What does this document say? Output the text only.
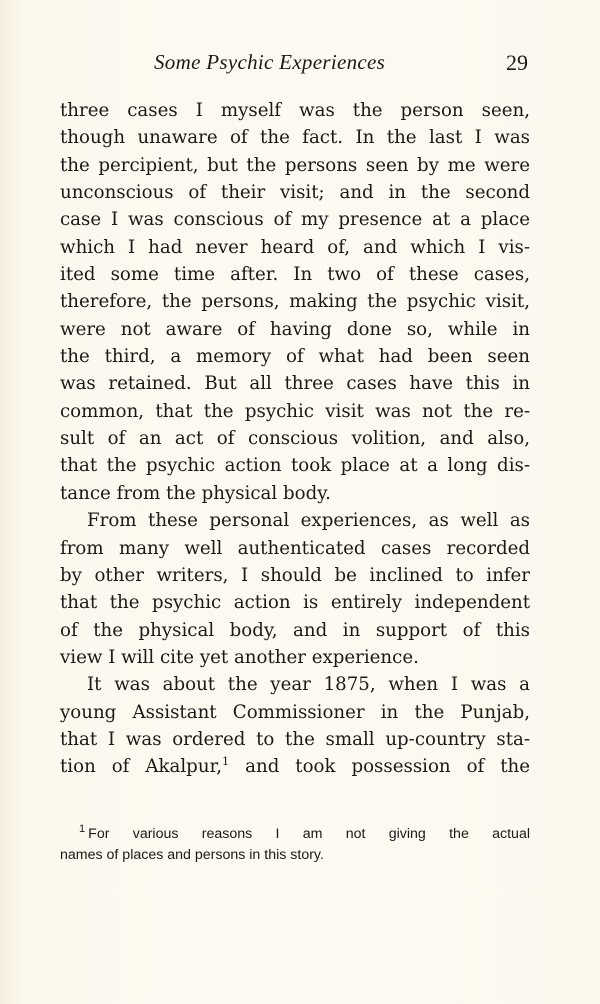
Some Psychic Experiences	29
three cases I myself was the person seen,
though unaware of the fact. In the last I was
the percipient, but the persons seen by me were
unconscious of their visit; and in the second
case I was conscious of my presence at a place
which I had never heard of, and which I vis-
ited some time after. In two of these cases,
therefore, the persons, making the psychic visit,
were not aware of having done so, while in
the third, a memory of what had been seen
was retained. But all three cases have this in
common, that the psychic visit was not the re-
sult of an act of conscious volition, and also,
that the psychic action took place at a long dis-
tance from the physical body.
From these personal experiences, as well as
from many well authenticated cases recorded
by other writers, I should be inclined to infer
that the psychic action is entirely independent
of the physical body, and in support of this
view I will cite yet another experience.
It was about the year 1875, when I was a
young Assistant Commissioner in the Punjab,
that I was ordered to the small up-country sta-
tion of Akalpur,$^1$ and took possession of the
$^1$ For various reasons I am not giving the actual
names of places and persons in this story.
